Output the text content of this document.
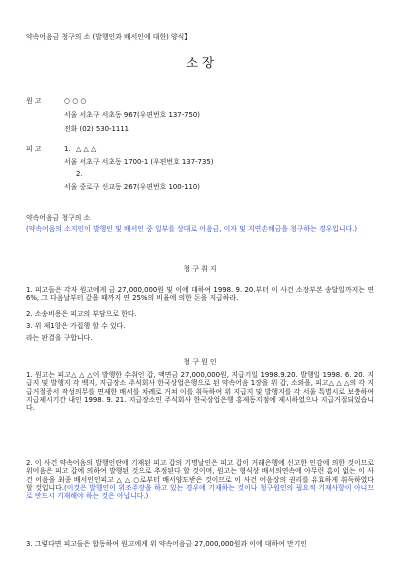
약속어음금 청구의 소 (발행인과 배서인에 대한) 양식】
소 장
원 고	○ ○ ○
서울 서초구 서초동 967(우편번호 137-750)
전화 (02) 530-1111
피 고	1. △ △ △
서울 서초구 서초동 1700-1 (우편번호 137-735)
2.
서울 중로구 신교동 267(우편번호 100-110)
약속어음금 청구의 소
(약속어음의 소지인이 발행인 및 배서인 중 일부를 상대로 어음금, 이자 및 지연손해금을 청구하는 경우입니다.)
청 구 취 지
1. 피고들은 각자 원고에게 금 27,000,000원 및 이에 대하여 1998. 9. 20.부터 이 사건 소장부본 송달일까지는 연 6%, 그 다음날부터 갚을 때까지 연 25%의 비율에 의한 돈을 지급하라.
2. 소송비용은 피고의 부담으로 한다.
3. 위 제1항은 가집행 할 수 있다.
라는 판결을 구합니다.
청 구 원 인
1. 원고는 피고△ △ △이 발행한 수취인 갑, 액면금 27,000,000원, 지급기일 1998.9.20. 발행일 1998. 6. 20. 지급지 및 발행지 각 백지, 지급장소 주식회사 한국상업은행으로 된 약속어음 1장을 위 갑, 소외을, 피고△ △ △의 각 지급거절증서 작성의무를 면제한 배서를 차례로 거쳐 이를 취득하여 위 지급지 및 발행지를 각 서울 특별시로 보충하여 지급제시기간 내인 1998. 9. 21. 지급장소인 주식회사 한국상업은행 홍제동지점에 제시하였으나 지급거절되었습니다.
2. 이 사건 약속어음의 발행인란에 기재된 피고 갑의 기명날인은 피고 갑이 거래은행에 신고한 인감에 의한 것이므로 위어음은 피고 갑에 의하여 발행된 것으로 추정된다 할 것이며, 원고는 형식상 배서의연속에 아무런 흠이 없는 이 사건 어음을 최종 배서인인피고 △ △ ○로부터 배서양도받은 것이므로 이 사건 어음상의 권리를 유효하게 취득하였다 할 것입니다.(이것은 발행인이 위조주장을 하고 있는 경우에 기재하는 것이나 청구원인의 필요적 기재사항이 아니므로 반드시 기재해야 하는 것은 아닙니다.)
3. 그렇다면 피고들은 합동하여 원고에게 위 약속어음금 27,000,000원과 이에 대하여 만기인
